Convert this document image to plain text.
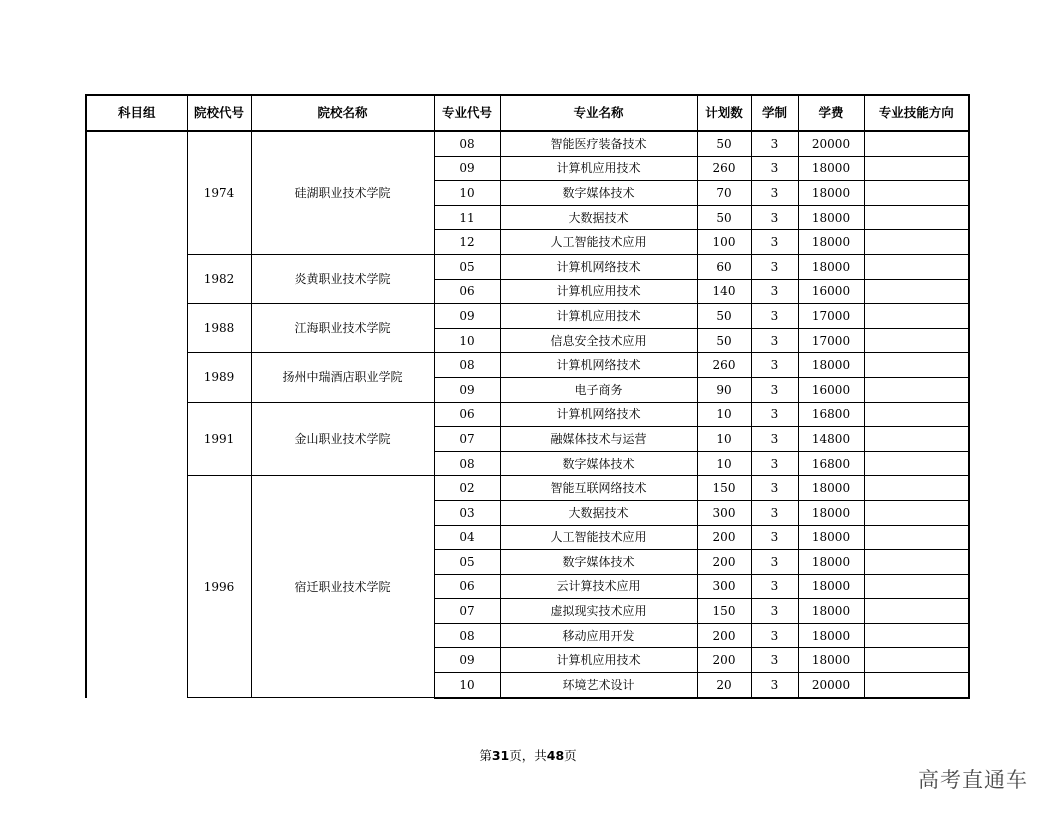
科目组	院校代号	院校名称	专业代号	专业名称	计划数	学制	学费	专业技能方向
	1974	硅湖职业技术学院	08	智能医疗装备技术	50	3	20000	
			09	计算机应用技术	260	3	18000	
			10	数字媒体技术	70	3	18000	
			11	大数据技术	50	3	18000	
			12	人工智能技术应用	100	3	18000	
	1982	炎黄职业技术学院	05	计算机网络技术	60	3	18000	
			06	计算机应用技术	140	3	16000	
	1988	江海职业技术学院	09	计算机应用技术	50	3	17000	
			10	信息安全技术应用	50	3	17000	
	1989	扬州中瑞酒店职业学院	08	计算机网络技术	260	3	18000	
			09	电子商务	90	3	16000	
	1991	金山职业技术学院	06	计算机网络技术	10	3	16800	
			07	融媒体技术与运营	10	3	14800	
			08	数字媒体技术	10	3	16800	
	1996	宿迁职业技术学院	02	智能互联网络技术	150	3	18000	
			03	大数据技术	300	3	18000	
			04	人工智能技术应用	200	3	18000	
			05	数字媒体技术	200	3	18000	
			06	云计算技术应用	300	3	18000	
			07	虚拟现实技术应用	150	3	18000	
			08	移动应用开发	200	3	18000	
			09	计算机应用技术	200	3	18000	
			10	环境艺术设计	20	3	20000	
第31页，共48页
高考直通车
